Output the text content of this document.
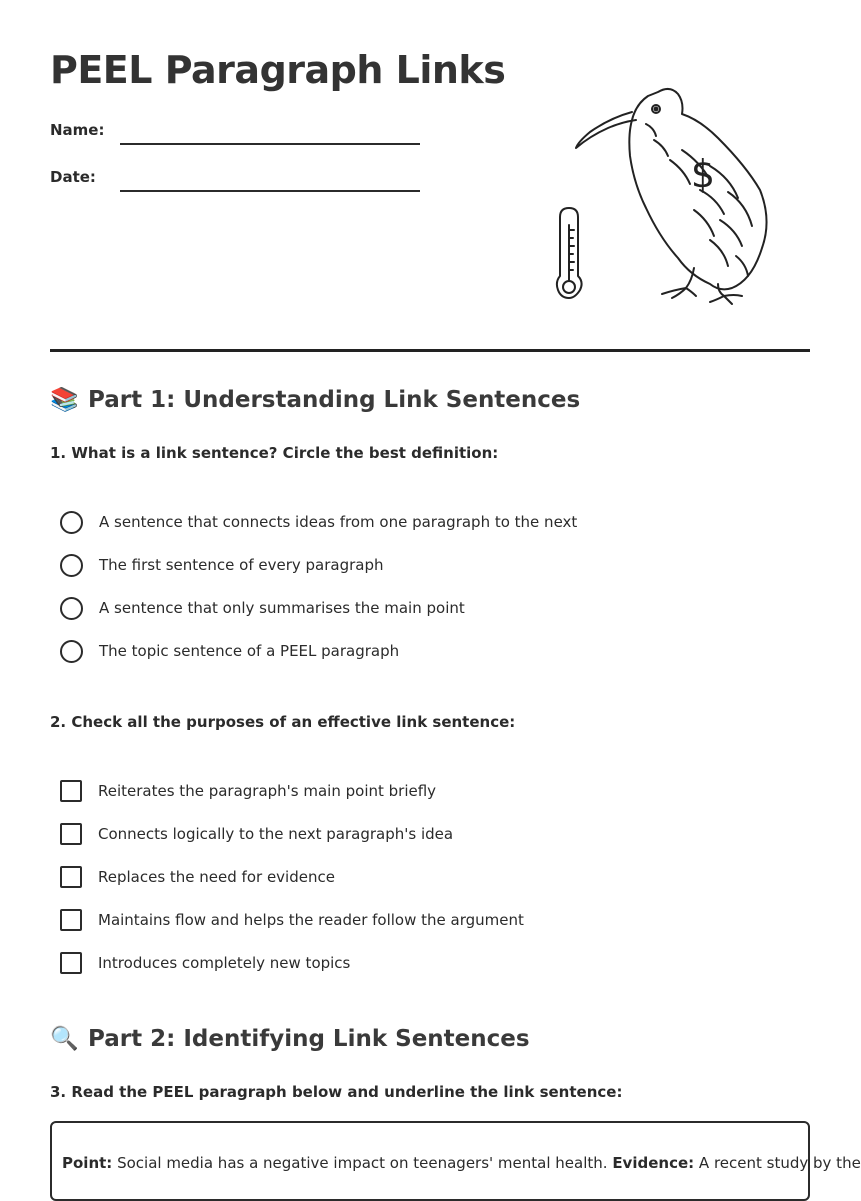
PEEL Paragraph Links
Name:
Date:	$
📚 Part 1: Understanding Link Sentences

1. What is a link sentence? Circle the best definition:

A sentence that connects ideas from one paragraph to the next
The first sentence of every paragraph
A sentence that only summarises the main point
The topic sentence of a PEEL paragraph

2. Check all the purposes of an effective link sentence:

Reiterates the paragraph's main point briefly
Connects logically to the next paragraph's idea
Replaces the need for evidence
Maintains flow and helps the reader follow the argument
Introduces completely new topics
🔍 Part 2: Identifying Link Sentences

3. Read the PEEL paragraph below and underline the link sentence:

Point: Social media has a negative impact on teenagers' mental health. Evidence: A recent study by the
